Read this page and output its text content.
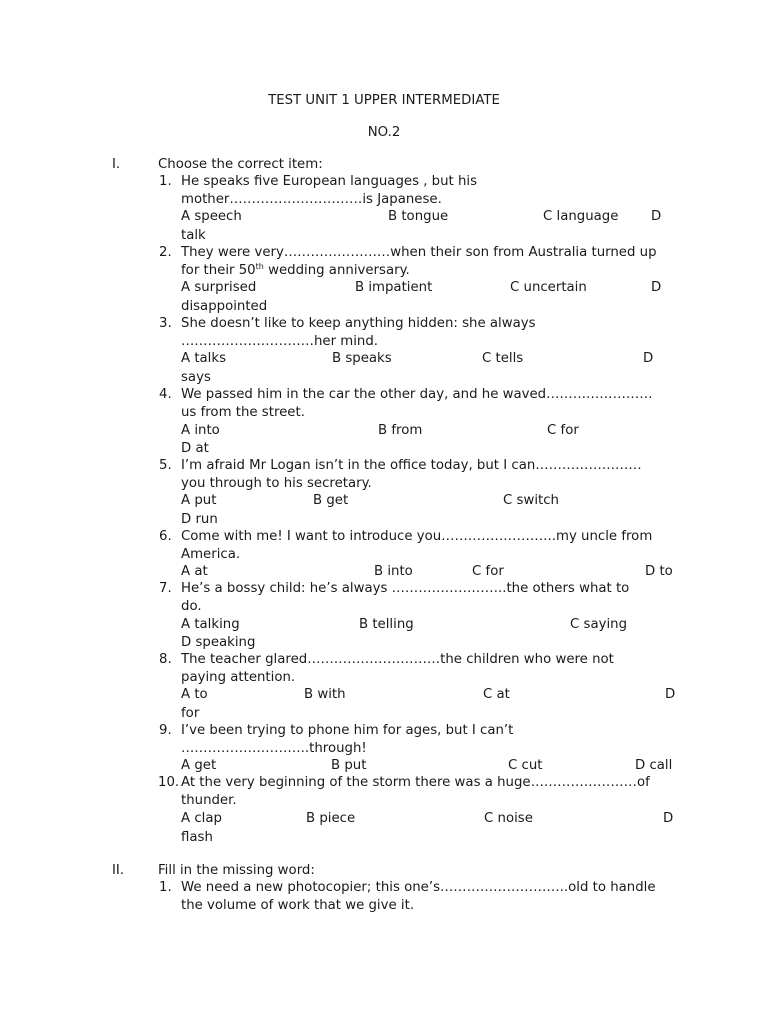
TEST UNIT 1 UPPER INTERMEDIATE
NO.2
I.	Choose the correct item:
1. He speaks five European languages , but his
mother…………………………is Japanese.
A speech	B tongue	C language D
talk
2. They were very……………………when their son from Australia turned up
for their 50th wedding anniversary.
A surprised	B impatient	C uncertain	D
disappointed
3. She doesn’t like to keep anything hidden: she always
…………………………her mind.
A talks	B speaks	C tells	D
says
4. We passed him in the car the other day, and he waved……………………
us from the street.
A into	B from	C for
D at
5. I’m afraid Mr Logan isn’t in the office today, but I can……………………
you through to his secretary.
A put	B get	C switch
D run
6. Come with me! I want to introduce you……………………..my uncle from
America.
A at	B into	C for	D to
7. He’s a bossy child: he’s always ……………………..the others what to
do.
A talking	B telling	C saying
D speaking
8. The teacher glared…………………………the children who were not
paying attention.
A to	B with	C at	D
for
9. I’ve been trying to phone him for ages, but I can’t
………………………..through!
A get	B put	C cut	D call
10. At the very beginning of the storm there was a huge……………………of
thunder.
A clap	B piece	C noise	D
flash
II.	Fill in the missing word:
1. We need a new photocopier; this one’s………………………..old to handle
the volume of work that we give it.
